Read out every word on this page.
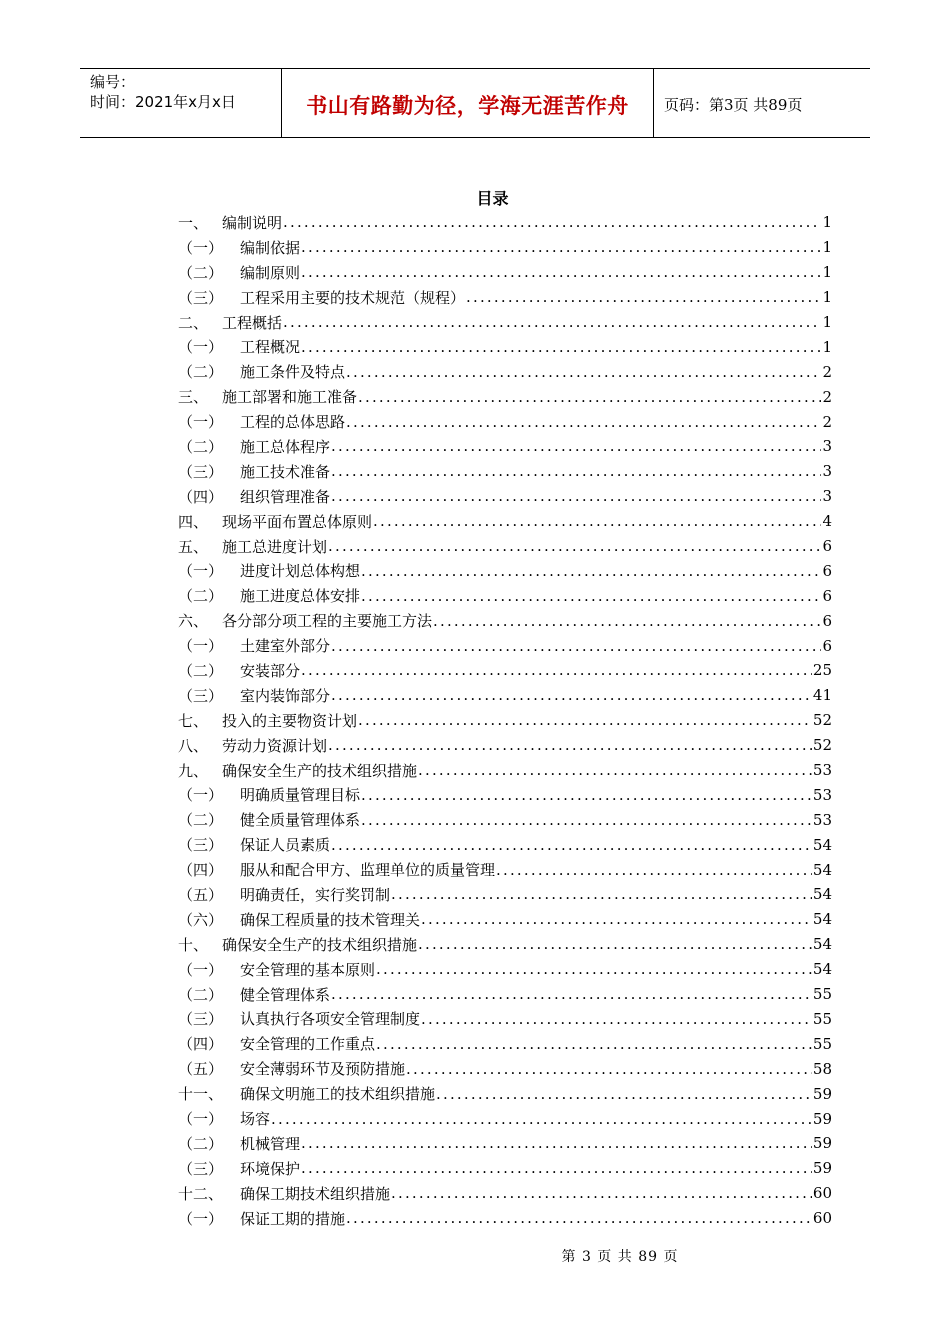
编号：
时间：2021年x月x日	书山有路勤为径，学海无涯苦作舟	页码：第3页 共89页
目录
一、 编制说明 .....	1
（一）	编制依据 .....	1
（二）	编制原则 .....	1
（三）	工程采用主要的技术规范（规程） .....	1
二、 工程概括 .....	1
（一）	工程概况 .....	1
（二）	施工条件及特点 .....	2
三、 施工部署和施工准备 .....	2
（一）	工程的总体思路 .....	2
（二）	施工总体程序 .....	3
（三）	施工技术准备 .....	3
（四）	组织管理准备 .....	3
四、 现场平面布置总体原则 .....	4
五、 施工总进度计划 .....	6
（一）	进度计划总体构想 .....	6
（二）	施工进度总体安排 .....	6
六、 各分部分项工程的主要施工方法 .....	6
（一）	土建室外部分 .....	6
（二）	安装部分 .....	25
（三）	室内装饰部分 .....	41
七、 投入的主要物资计划 .....	52
八、 劳动力资源计划 .....	52
九、 确保安全生产的技术组织措施 .....	53
（一）	明确质量管理目标 .....	53
（二）	健全质量管理体系 .....	53
（三）	保证人员素质 .....	54
（四）	服从和配合甲方、监理单位的质量管理 .....	54
（五）	明确责任，实行奖罚制 .....	54
（六）	确保工程质量的技术管理关 .....	54
十、 确保安全生产的技术组织措施 .....	54
（一）	安全管理的基本原则 .....	54
（二）	健全管理体系 .....	55
（三）	认真执行各项安全管理制度 .....	55
（四）	安全管理的工作重点 .....	55
（五）	安全薄弱环节及预防措施 .....	58
十一、	确保文明施工的技术组织措施 .....	59
（一）	场容 .....	59
（二）	机械管理 .....	59
（三）	环境保护 .....	59
十二、	确保工期技术组织措施 .....	60
（一）	保证工期的措施 .....	60
第 3 页 共 89 页
